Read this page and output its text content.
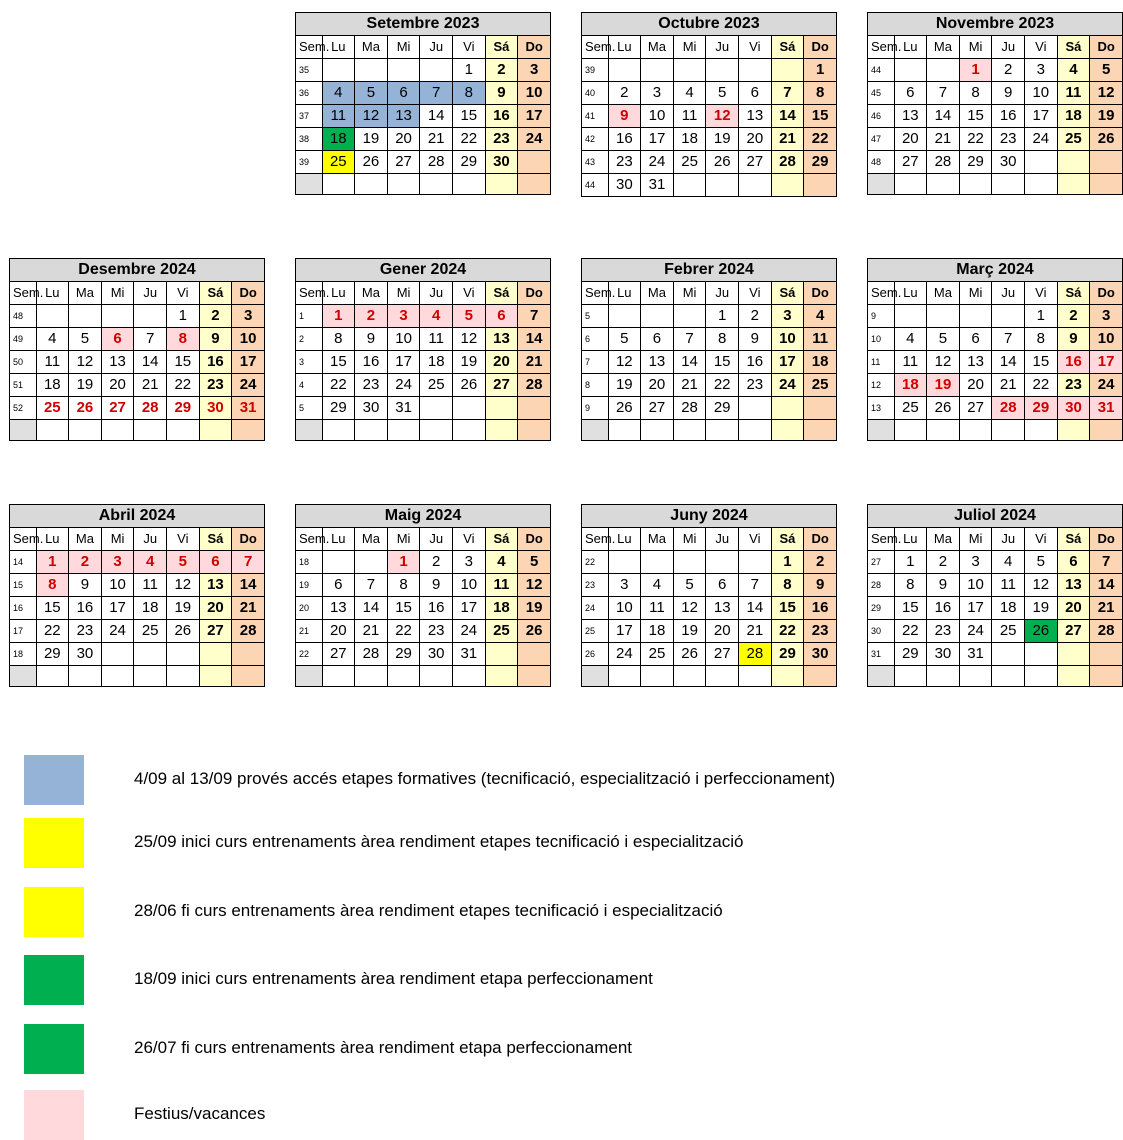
Setembre 2023							
Sem.	Lu	Ma	Mi	Ju	Vi	Sá	Do
35					1	2	3
36	4	5	6	7	8	9	10
37	11	12	13	14	15	16	17
38	18	19	20	21	22	23	24
39	25	26	27	28	29	30	

Octubre 2023							
Sem.	Lu	Ma	Mi	Ju	Vi	Sá	Do
39							1
40	2	3	4	5	6	7	8
41	9	10	11	12	13	14	15
42	16	17	18	19	20	21	22
43	23	24	25	26	27	28	29
44	30	31					
Novembre 2023							
Sem.	Lu	Ma	Mi	Ju	Vi	Sá	Do
44			1	2	3	4	5
45	6	7	8	9	10	11	12
46	13	14	15	16	17	18	19
47	20	21	22	23	24	25	26
48	27	28	29	30			

Desembre 2024							
Sem.	Lu	Ma	Mi	Ju	Vi	Sá	Do
48					1	2	3
49	4	5	6	7	8	9	10
50	11	12	13	14	15	16	17
51	18	19	20	21	22	23	24
52	25	26	27	28	29	30	31

Gener 2024							
Sem.	Lu	Ma	Mi	Ju	Vi	Sá	Do
1	1	2	3	4	5	6	7
2	8	9	10	11	12	13	14
3	15	16	17	18	19	20	21
4	22	23	24	25	26	27	28
5	29	30	31				

Febrer 2024							
Sem.	Lu	Ma	Mi	Ju	Vi	Sá	Do
5				1	2	3	4
6	5	6	7	8	9	10	11
7	12	13	14	15	16	17	18
8	19	20	21	22	23	24	25
9	26	27	28	29			

Març 2024							
Sem.	Lu	Ma	Mi	Ju	Vi	Sá	Do
9					1	2	3
10	4	5	6	7	8	9	10
11	11	12	13	14	15	16	17
12	18	19	20	21	22	23	24
13	25	26	27	28	29	30	31

Abril 2024							
Sem.	Lu	Ma	Mi	Ju	Vi	Sá	Do
14	1	2	3	4	5	6	7
15	8	9	10	11	12	13	14
16	15	16	17	18	19	20	21
17	22	23	24	25	26	27	28
18	29	30					

Maig 2024							
Sem.	Lu	Ma	Mi	Ju	Vi	Sá	Do
18			1	2	3	4	5
19	6	7	8	9	10	11	12
20	13	14	15	16	17	18	19
21	20	21	22	23	24	25	26
22	27	28	29	30	31		

Juny 2024							
Sem.	Lu	Ma	Mi	Ju	Vi	Sá	Do
22						1	2
23	3	4	5	6	7	8	9
24	10	11	12	13	14	15	16
25	17	18	19	20	21	22	23
26	24	25	26	27	28	29	30

Juliol 2024							
Sem.	Lu	Ma	Mi	Ju	Vi	Sá	Do
27	1	2	3	4	5	6	7
28	8	9	10	11	12	13	14
29	15	16	17	18	19	20	21
30	22	23	24	25	26	27	28
31	29	30	31				

4/09 al 13/09 provés accés etapes formatives (tecnificació, especialització i perfeccionament)
25/09 inici curs entrenaments àrea rendiment etapes tecnificació i especialització
28/06 fi curs entrenaments àrea rendiment etapes tecnificació i especialització
18/09 inici curs entrenaments àrea rendiment etapa perfeccionament
26/07 fi curs entrenaments àrea rendiment etapa perfeccionament
Festius/vacances
